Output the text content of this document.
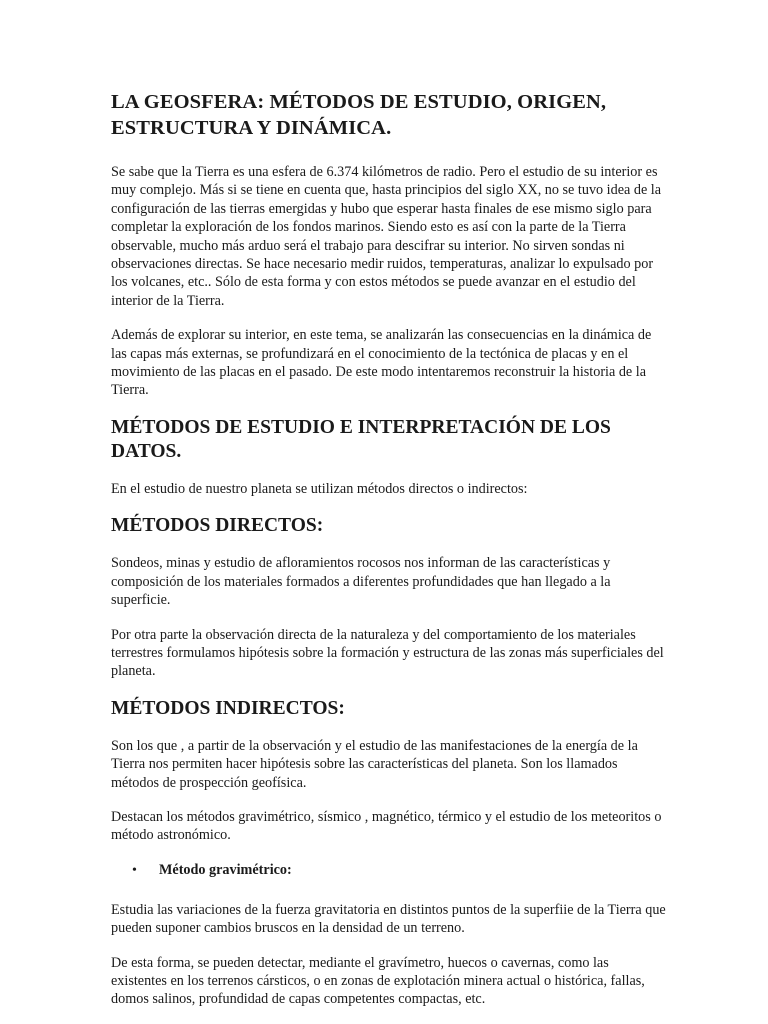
LA GEOSFERA: MÉTODOS DE ESTUDIO, ORIGEN, ESTRUCTURA Y DINÁMICA.

Se sabe que la Tierra es una esfera de 6.374 kilómetros de radio. Pero el estudio de su interior es muy complejo. Más si se tiene en cuenta que, hasta principios del siglo XX, no se tuvo idea de la configuración de las tierras emergidas y hubo que esperar hasta finales de ese mismo siglo para completar la exploración de los fondos marinos. Siendo esto es así con la parte de la Tierra observable, mucho más arduo será el trabajo para descifrar su interior. No sirven sondas ni observaciones directas. Se hace necesario medir ruidos, temperaturas, analizar lo expulsado por los volcanes, etc.. Sólo de esta forma y con estos métodos se puede avanzar en el estudio del interior de la Tierra.

Además de explorar su interior, en este tema, se analizarán las consecuencias en la dinámica de las capas más externas, se profundizará en el conocimiento de la tectónica de placas y en el movimiento de las placas en el pasado. De este modo intentaremos reconstruir la historia de la Tierra.

MÉTODOS DE ESTUDIO E INTERPRETACIÓN DE LOS DATOS.

En el estudio de nuestro planeta se utilizan métodos directos o indirectos:

MÉTODOS DIRECTOS:

Sondeos, minas y estudio de afloramientos rocosos nos informan de las características y composición de los materiales formados a diferentes profundidades que han llegado a la superficie.

Por otra parte la observación directa de la naturaleza y del comportamiento de los materiales terrestres formulamos hipótesis sobre la formación y estructura de las zonas más superficiales del planeta.

MÉTODOS INDIRECTOS:

Son los que , a partir de la observación y el estudio de las manifestaciones de la energía de la Tierra nos permiten hacer hipótesis sobre las características del planeta. Son los llamados métodos de prospección geofísica.

Destacan los métodos gravimétrico, sísmico , magnético, térmico y el estudio de los meteoritos o método astronómico.

•	Método gravimétrico:

Estudia las variaciones de la fuerza gravitatoria en distintos puntos de la superfiie de la Tierra que pueden suponer cambios bruscos en la densidad de un terreno.

De esta forma, se pueden detectar, mediante el gravímetro, huecos o cavernas, como las existentes en los terrenos cársticos, o en zonas de explotación minera actual o histórica, fallas, domos salinos, profundidad de capas competentes compactas, etc.
